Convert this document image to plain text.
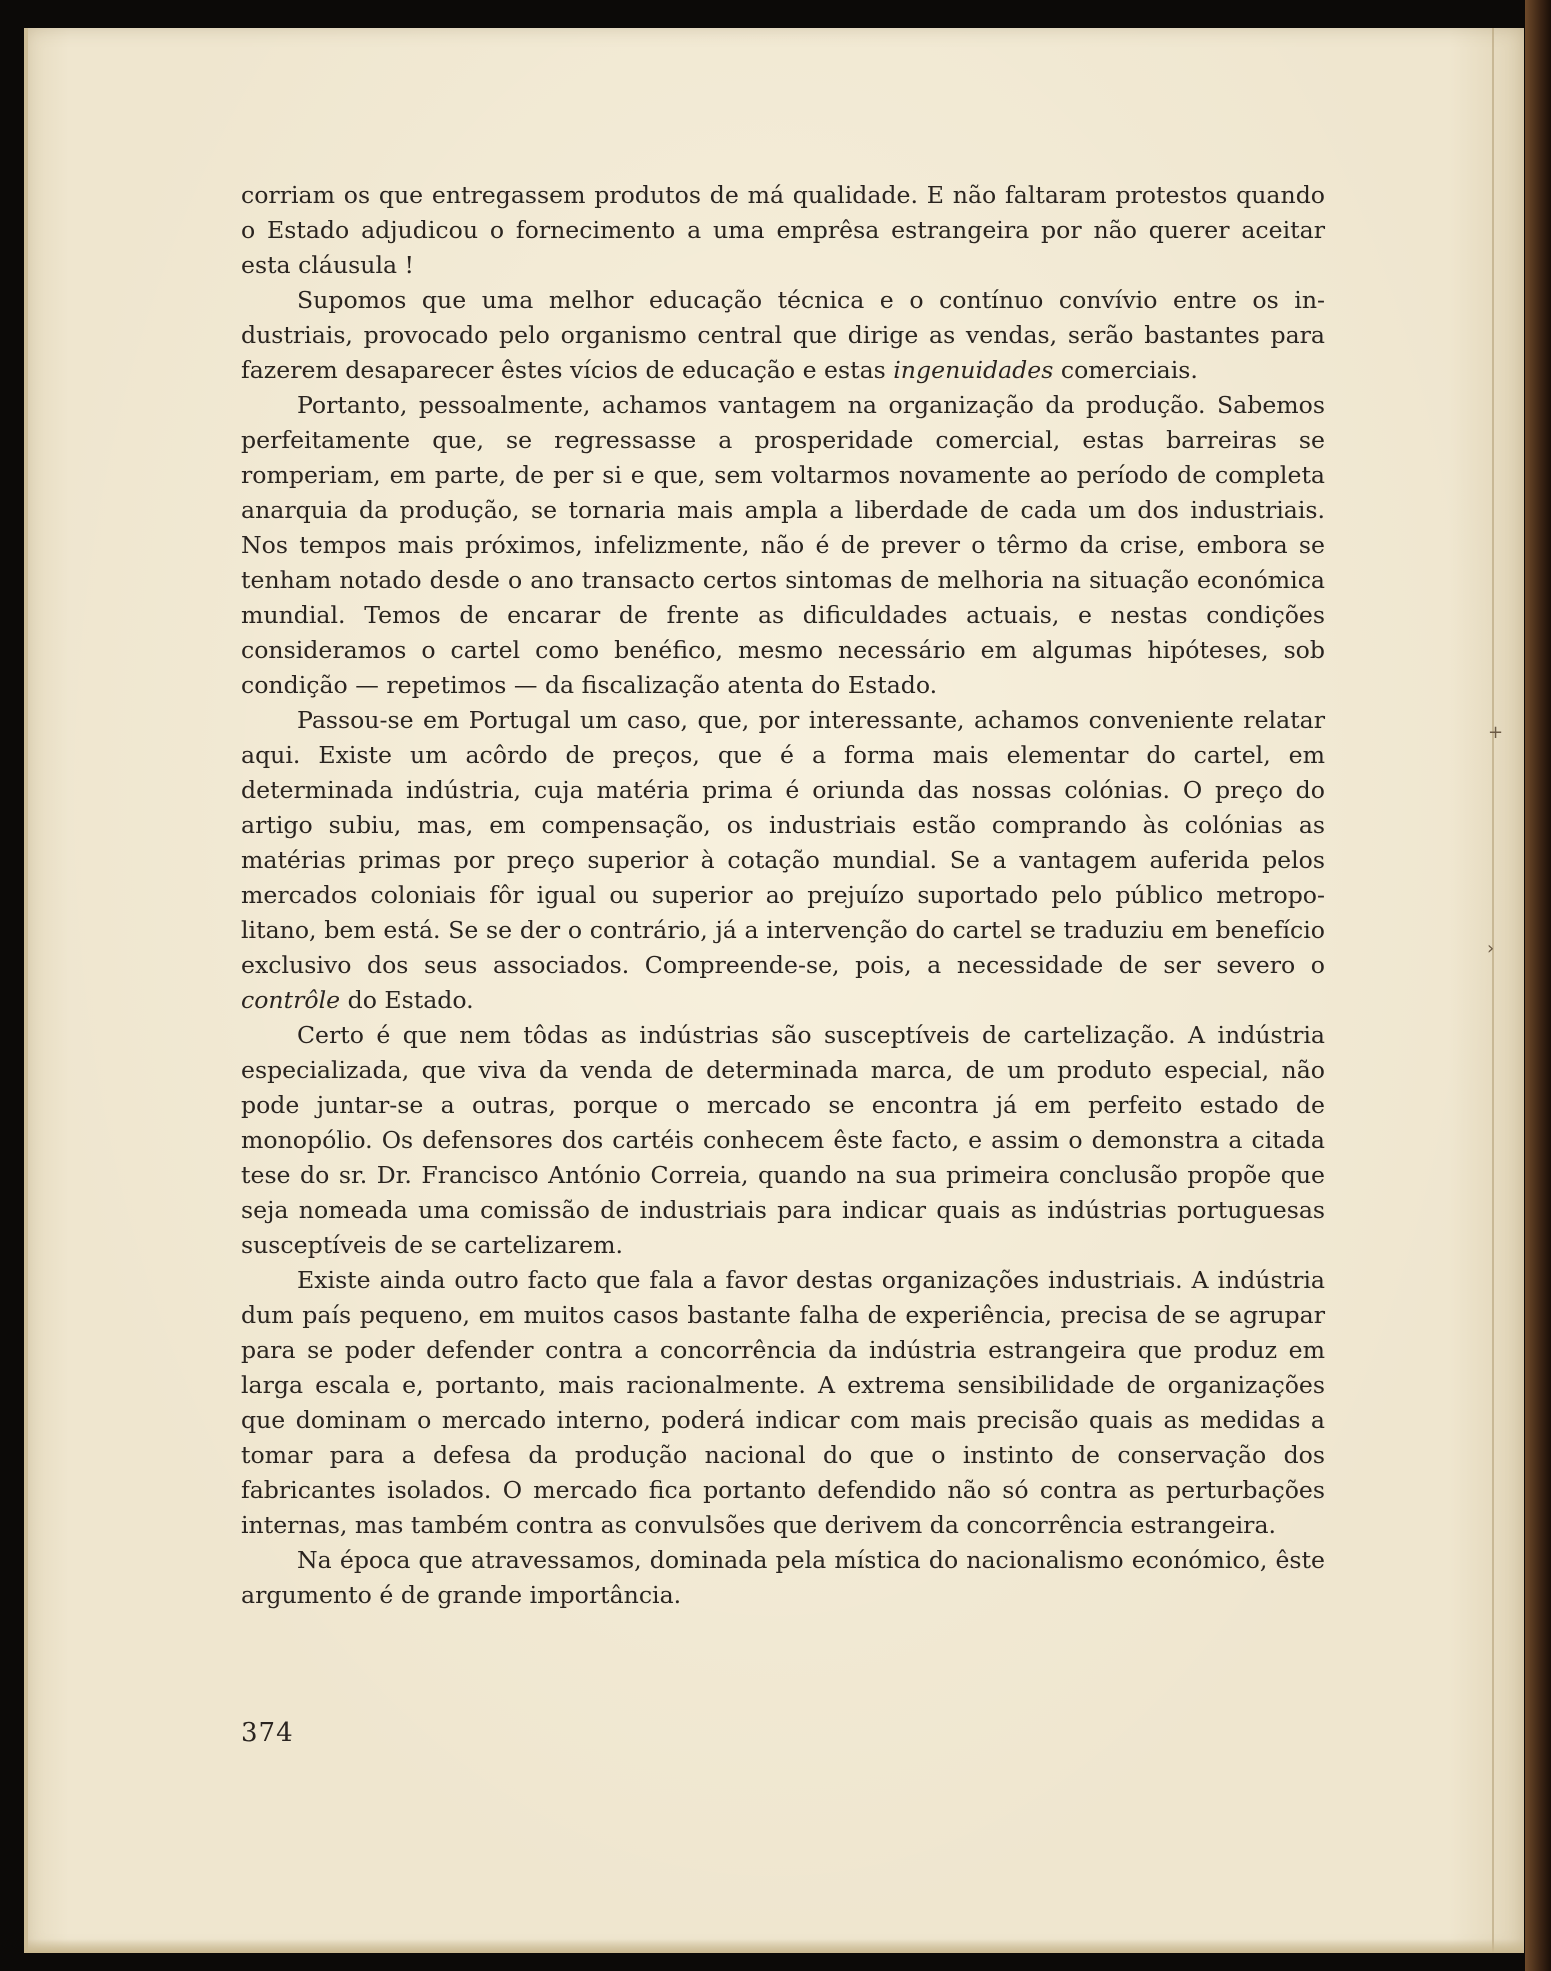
+
›

corriam os que entregassem produtos de má qualidade. E não faltaram protestos quando o Estado adjudicou o fornecimento a uma emprêsa estrangeira por não querer aceitar esta cláusula !

Supomos que uma melhor educação técnica e o contínuo convívio entre os industriais, provocado pelo organismo central que dirige as vendas, serão bastantes para fazerem desaparecer êstes vícios de educação e estas ingenuidades comerciais.

Portanto, pessoalmente, achamos vantagem na organização da produção. Sabemos perfeitamente que, se regressasse a prosperidade comercial, estas barreiras se romperiam, em parte, de per si e que, sem voltarmos novamente ao período de completa anarquia da produção, se tornaria mais ampla a liberdade de cada um dos industriais. Nos tempos mais próximos, infelizmente, não é de prever o têrmo da crise, embora se tenham notado desde o ano transacto certos sintomas de melhoria na situação económica mundial. Temos de encarar de frente as dificuldades actuais, e nestas condições consideramos o cartel como benéfico, mesmo necessário em algumas hipóteses, sob condição — repetimos — da fiscalização atenta do Estado.

Passou-se em Portugal um caso, que, por interessante, achamos conveniente relatar aqui. Existe um acôrdo de preços, que é a forma mais elementar do cartel, em determinada indústria, cuja matéria prima é oriunda das nossas colónias. O preço do artigo subiu, mas, em compensação, os industriais estão comprando às colónias as matérias primas por preço superior à cotação mundial. Se a vantagem auferida pelos mercados coloniais fôr igual ou superior ao prejuízo suportado pelo público metropolitano, bem está. Se se der o contrário, já a intervenção do cartel se traduziu em benefício exclusivo dos seus associados. Compreende-se, pois, a necessidade de ser severo o contrôle do Estado.

Certo é que nem tôdas as indústrias são susceptíveis de cartelização. A indústria especializada, que viva da venda de determinada marca, de um produto especial, não pode juntar-se a outras, porque o mercado se encontra já em perfeito estado de monopólio. Os defensores dos cartéis conhecem êste facto, e assim o demonstra a citada tese do sr. Dr. Francisco António Correia, quando na sua primeira conclusão propõe que seja nomeada uma comissão de industriais para indicar quais as indústrias portuguesas susceptíveis de se cartelizarem.

Existe ainda outro facto que fala a favor destas organizações industriais. A indústria dum país pequeno, em muitos casos bastante falha de experiência, precisa de se agrupar para se poder defender contra a concorrência da indústria estrangeira que produz em larga escala e, portanto, mais racionalmente. A extrema sensibilidade de organizações que dominam o mercado interno, poderá indicar com mais precisão quais as medidas a tomar para a defesa da produção nacional do que o instinto de conservação dos fabricantes isolados. O mercado fica portanto defendido não só contra as perturbações internas, mas também contra as convulsões que derivem da concorrência estrangeira.

Na época que atravessamos, dominada pela mística do nacionalismo económico, êste argumento é de grande importância.

374
